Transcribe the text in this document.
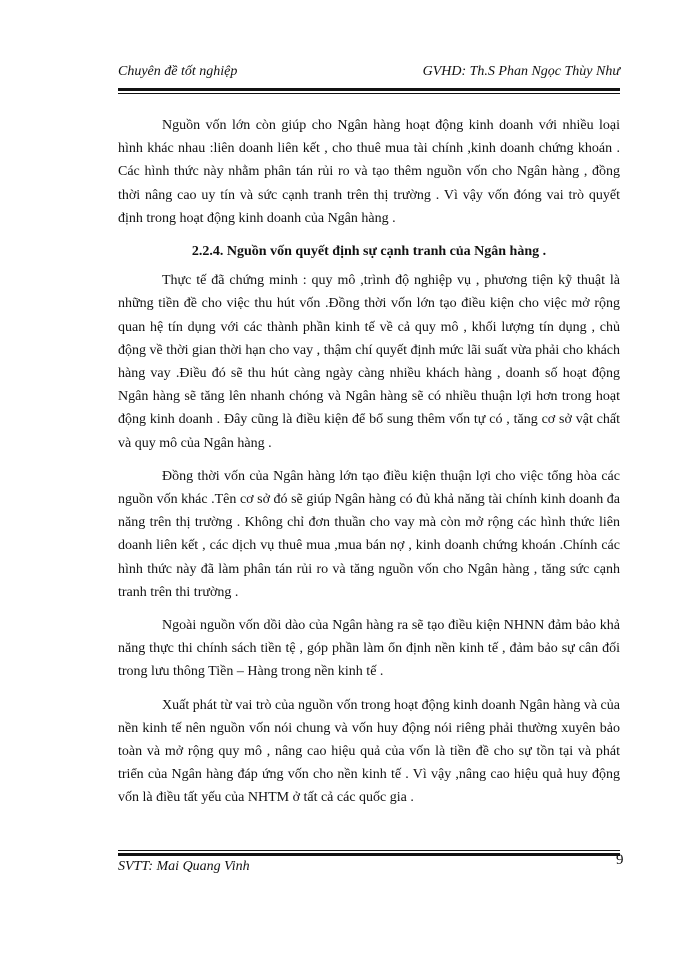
Chuyên đề tốt nghiệp	GVHD: Th.S Phan Ngọc Thùy Như

Nguồn vốn lớn còn giúp cho Ngân hàng hoạt động kinh doanh với nhiều loại hình khác nhau :liên doanh liên kết , cho thuê mua tài chính ,kinh doanh chứng khoán . Các hình thức này nhằm phân tán rủi ro và tạo thêm nguồn vốn cho Ngân hàng , đồng thời nâng cao uy tín và sức cạnh tranh trên thị trường . Vì vậy vốn đóng vai trò quyết định trong hoạt động kinh doanh của Ngân hàng .

2.2.4. Nguồn vốn quyết định sự cạnh tranh của Ngân hàng .

Thực tế đã chứng minh : quy mô ,trình độ nghiệp vụ , phương tiện kỹ thuật là những tiền đề cho việc thu hút vốn .Đồng thời vốn lớn tạo điều kiện cho việc mở rộng quan hệ tín dụng với các thành phần kinh tế về cả quy mô , khối lượng tín dụng , chủ động về thời gian thời hạn cho vay , thậm chí quyết định mức lãi suất vừa phải cho khách hàng vay .Điều đó sẽ thu hút càng ngày càng nhiều khách hàng , doanh số hoạt động Ngân hàng sẽ tăng lên nhanh chóng và Ngân hàng sẽ có nhiều thuận lợi hơn trong hoạt động kinh doanh . Đây cũng là điều kiện để bổ sung thêm vốn tự có , tăng cơ sở vật chất và quy mô của Ngân hàng .

Đồng thời vốn của Ngân hàng lớn tạo điều kiện thuận lợi cho việc tổng hòa các nguồn vốn khác .Tên cơ sở đó sẽ giúp Ngân hàng có đủ khả năng tài chính kinh doanh đa năng trên thị trường . Không chỉ đơn thuần cho vay mà còn mở rộng các hình thức liên doanh liên kết , các dịch vụ thuê mua ,mua bán nợ , kinh doanh chứng khoán .Chính các hình thức này đã làm phân tán rủi ro và tăng nguồn vốn cho Ngân hàng , tăng sức cạnh tranh trên thi trường .

Ngoài nguồn vốn dồi dào của Ngân hàng ra sẽ tạo điều kiện NHNN đảm bảo khả năng thực thi chính sách tiền tệ , góp phần làm ổn định nền kinh tế , đảm bảo sự cân đối trong lưu thông Tiền – Hàng trong nền kinh tế .

Xuất phát từ vai trò của nguồn vốn trong hoạt động kinh doanh Ngân hàng và của nền kinh tế nên nguồn vốn nói chung và vốn huy động nói riêng phải thường xuyên bảo toàn và mở rộng quy mô , nâng cao hiệu quả của vốn là tiền đề cho sự tồn tại và phát triển của Ngân hàng đáp ứng vốn cho nền kinh tế . Vì vậy ,nâng cao hiệu quả huy động vốn là điều tất yếu của NHTM ở tất cả các quốc gia .

SVTT: Mai Quang Vinh	9
